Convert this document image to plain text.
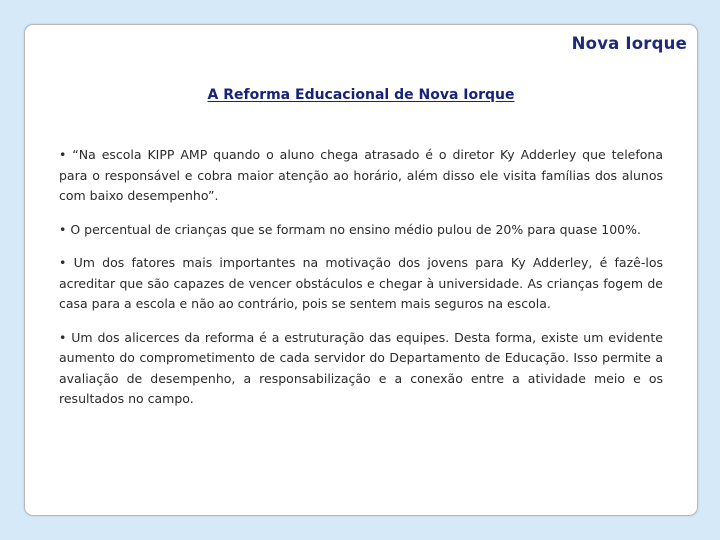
Nova Iorque
A Reforma Educacional de Nova Iorque

• “Na escola KIPP AMP quando o aluno chega atrasado é o diretor Ky Adderley que telefona para o responsável e cobra maior atenção ao horário, além disso ele visita famílias dos alunos com baixo desempenho”.

• O percentual de crianças que se formam no ensino médio pulou de 20% para quase 100%.

• Um dos fatores mais importantes na motivação dos jovens para Ky Adderley, é fazê-los acreditar que são capazes de vencer obstáculos e chegar à universidade. As crianças fogem de casa para a escola e não ao contrário, pois se sentem mais seguros na escola.

• Um dos alicerces da reforma é a estruturação das equipes. Desta forma, existe um evidente aumento do comprometimento de cada servidor do Departamento de Educação. Isso permite a avaliação de desempenho, a responsabilização e a conexão entre a atividade meio e os resultados no campo.
